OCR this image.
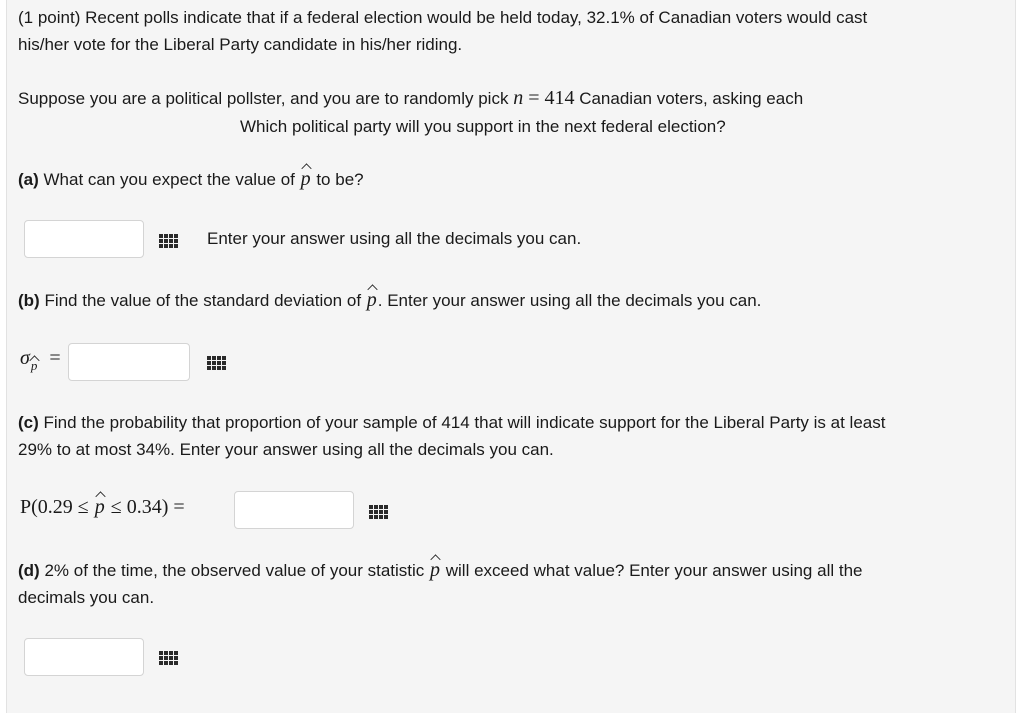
(1 point) Recent polls indicate that if a federal election would be held today, 32.1% of Canadian voters would cast
his/her vote for the Liberal Party candidate in his/her riding.
Suppose you are a political pollster, and you are to randomly pick n = 414 Canadian voters, asking each
Which political party will you support in the next federal election?
(a) What can you expect the value of p to be?
Enter your answer using all the decimals you can.
(b) Find the value of the standard deviation of p. Enter your answer using all the decimals you can.
σp =
(c) Find the probability that proportion of your sample of 414 that will indicate support for the Liberal Party is at least
29% to at most 34%. Enter your answer using all the decimals you can.
P(0.29 ≤ p ≤ 0.34) =
(d) 2% of the time, the observed value of your statistic p will exceed what value? Enter your answer using all the
decimals you can.
